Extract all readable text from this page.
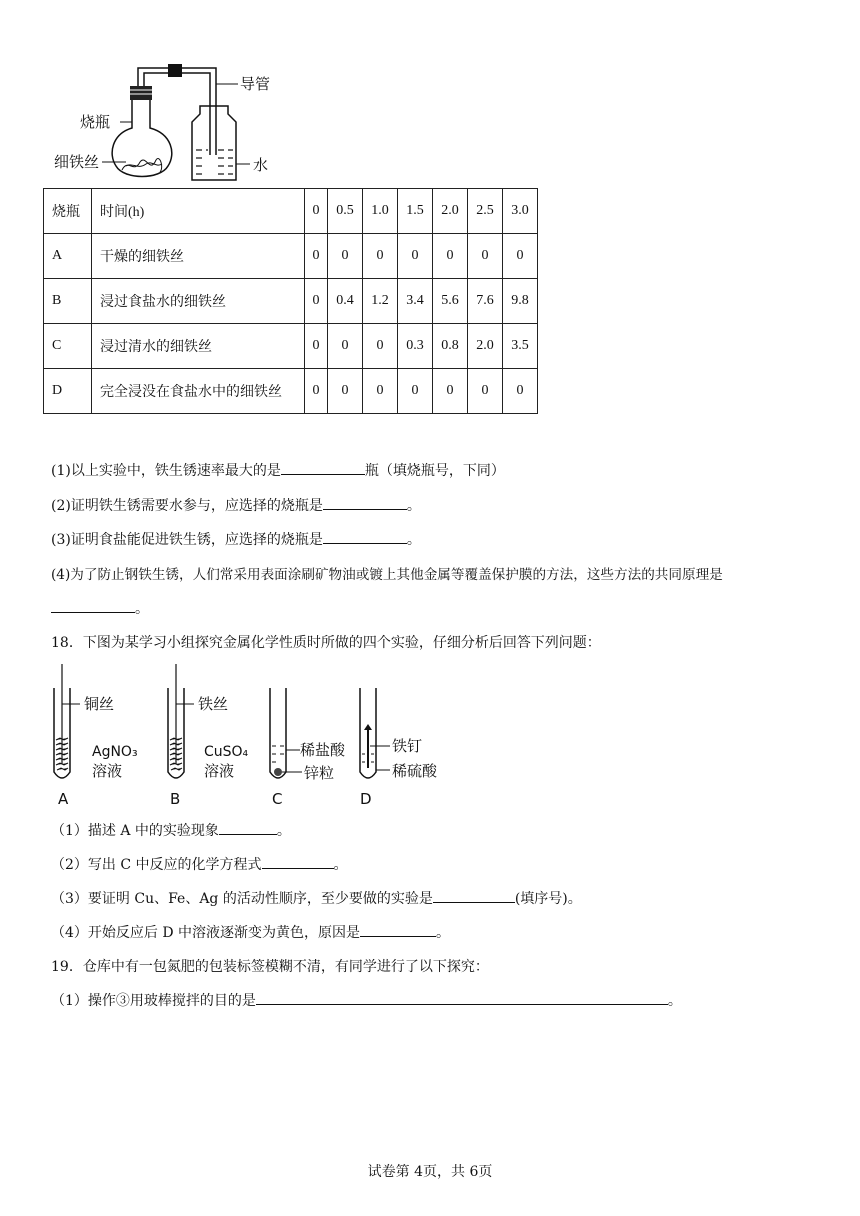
导管
烧瓶
细铁丝	水
烧瓶	时间(h)	0	0.5	1.0	1.5	2.0	2.5	3.0
A	干燥的细铁丝	0	0	0	0	0	0	0
B	浸过食盐水的细铁丝	0	0.4	1.2	3.4	5.6	7.6	9.8
C	浸过清水的细铁丝	0	0	0	0.3	0.8	2.0	3.5
D	完全浸没在食盐水中的细铁丝	0	0	0	0	0	0	0
(1)以上实验中，铁生锈速率最大的是	瓶（填烧瓶号，下同）
(2)证明铁生锈需要水参与，应选择的烧瓶是	。
(3)证明食盐能促进铁生锈，应选择的烧瓶是	。
(4)为了防止钢铁生锈，人们常采用表面涂刷矿物油或镀上其他金属等覆盖保护膜的方法，这些方法的共同原理是
。
18．下图为某学习小组探究金属化学性质时所做的四个实验，仔细分析后回答下列问题：
铜丝
AgNO₃
溶液
A
铁丝
CuSO₄
溶液
B
稀盐酸
锌粒
C
铁钉
稀硫酸
D
（1）描述 A 中的实验现象	。
（2）写出 C 中反应的化学方程式	。
（3）要证明 Cu、Fe、Ag 的活动性顺序，至少要做的实验是	(填序号)。
（4）开始反应后 D 中溶液逐渐变为黄色，原因是	。
19．仓库中有一包氮肥的包装标签模糊不清，有同学进行了以下探究：
（1）操作③用玻棒搅拌的目的是	。
试卷第 4页，共 6页
